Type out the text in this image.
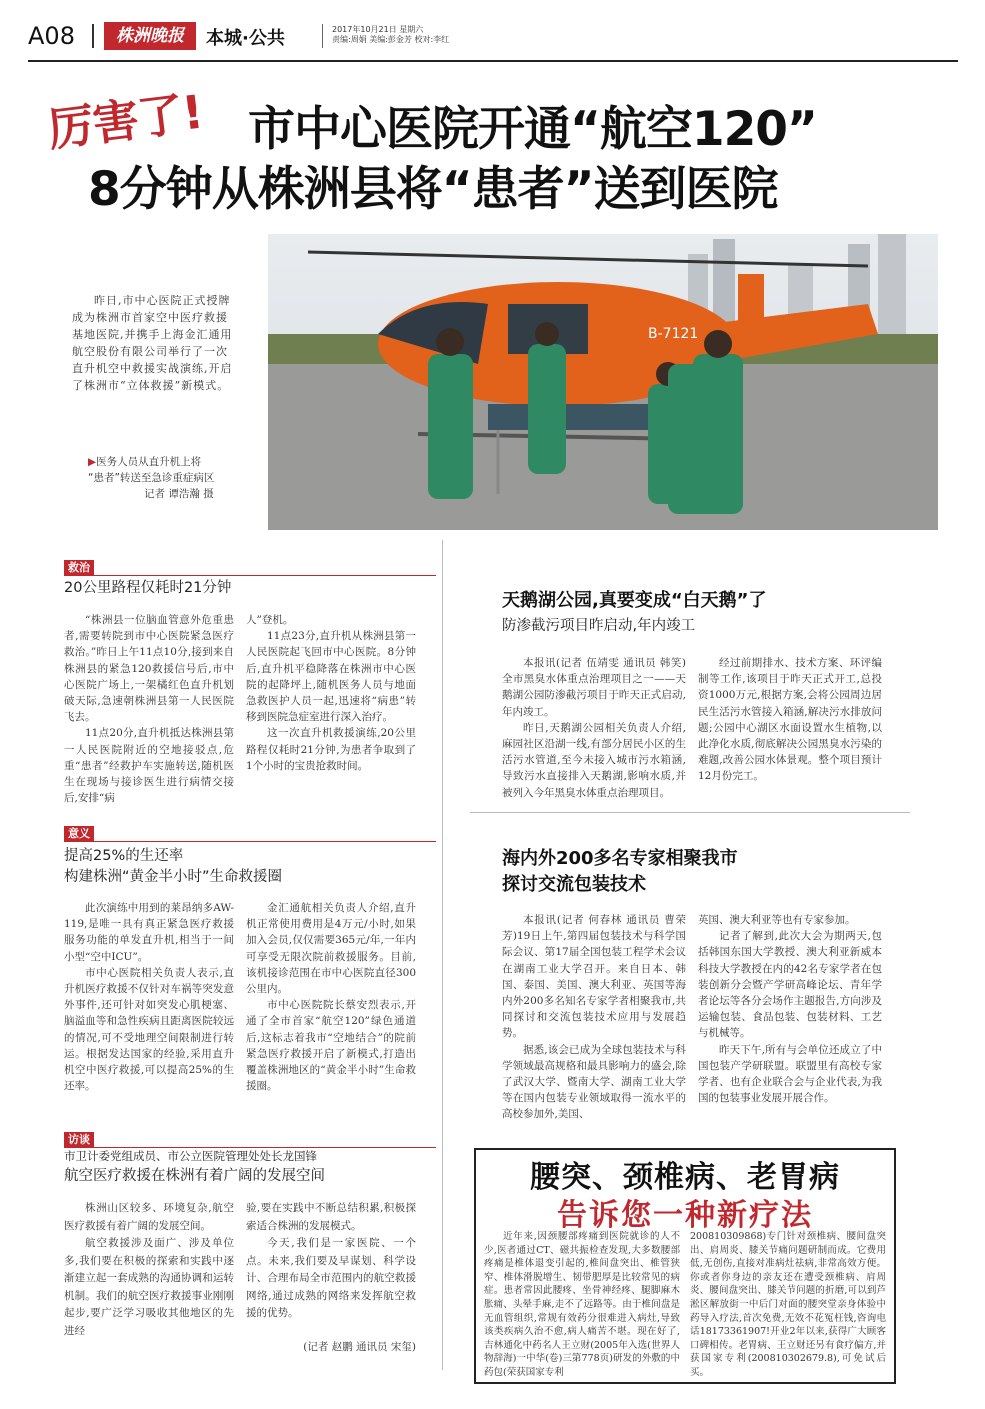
A08	株洲晚报	本城·公共	2017年10月21日 星期六
责编:周娟 美编:彭金芳 校对:李红
厉害了! 市中心医院开通“航空120”
8分钟从株洲县将“患者”送到医院

昨日,市中心医院正式授牌成为株洲市首家空中医疗救援基地医院,并携手上海金汇通用航空股份有限公司举行了一次直升机空中救援实战演练,开启了株洲市“立体救援”新模式。

B-7121
▶医务人员从直升机上将
“患者”转送至急诊重症病区
记者 谭浩瀚 摄
救治
20公里路程仅耗时21分钟

“株洲县一位脑血管意外危重患者,需要转院到市中心医院紧急医疗救治。”昨日上午11点10分,接到来自株洲县的紧急120救援信号后,市中心医院广场上,一架橘红色直升机划破天际,急速朝株洲县第一人民医院飞去。

11点20分,直升机抵达株洲县第一人民医院附近的空地接驳点,危重“患者”经救护车实施转送,随机医生在现场与接诊医生进行病情交接后,安排“病

人”登机。

11点23分,直升机从株洲县第一人民医院起飞回市中心医院。8分钟后,直升机平稳降落在株洲市中心医院的起降坪上,随机医务人员与地面急救医护人员一起,迅速将“病患”转移到医院急症室进行深入治疗。

这一次直升机救援演练,20公里路程仅耗时21分钟,为患者争取到了1个小时的宝贵抢救时间。

意义
提高25%的生还率
构建株洲“黄金半小时”生命救援圈

此次演练中用到的莱昂纳多AW-119,是唯一具有真正紧急医疗救援服务功能的单发直升机,相当于一间小型“空中ICU”。

市中心医院相关负责人表示,直升机医疗救援不仅针对车祸等突发意外事件,还可针对如突发心肌梗塞、脑溢血等和急性疾病且距离医院较远的情况,可不受地理空间限制进行转运。根据发达国家的经验,采用直升机空中医疗救援,可以提高25%的生还率。

金汇通航相关负责人介绍,直升机正常使用费用是4万元/小时,如果加入会员,仅仅需要365元/年,一年内可享受无限次院前救援服务。目前,该机接诊范围在市中心医院直径300公里内。

市中心医院院长蔡安烈表示,开通了全市首家“航空120”绿色通道后,这标志着我市“空地结合”的院前紧急医疗救援开启了新模式,打造出覆盖株洲地区的“黄金半小时”生命救援圈。

访谈
市卫计委党组成员、市公立医院管理处处长龙国锋
航空医疗救援在株洲有着广阔的发展空间

株洲山区较多、环境复杂,航空医疗救援有着广阔的发展空间。

航空救援涉及面广、涉及单位多,我们要在积极的探索和实践中逐渐建立起一套成熟的沟通协调和运转机制。我们的航空医疗救援事业刚刚起步,要广泛学习吸收其他地区的先进经

验,要在实践中不断总结积累,积极探索适合株洲的发展模式。

今天,我们是一家医院、一个点。未来,我们要及早谋划、科学设计、合理布局全市范围内的航空救援网络,通过成熟的网络来发挥航空救援的优势。

(记者 赵鹏 通讯员 宋玺)

天鹅湖公园,真要变成“白天鹅”了
防渗截污项目昨启动,年内竣工

本报讯(记者 伍靖雯 通讯员 韩笑)全市黑臭水体重点治理项目之一——天鹅湖公园防渗截污项目于昨天正式启动,年内竣工。

昨日,天鹅湖公园相关负责人介绍,麻园社区沿湖一线,有部分居民小区的生活污水管道,至今未接入城市污水箱涵,导致污水直接排入天鹅湖,影响水质,并被列入今年黑臭水体重点治理项目。

经过前期排水、技术方案、环评编制等工作,该项目于昨天正式开工,总投资1000万元,根据方案,会将公园周边居民生活污水管接入箱涵,解决污水排放问题;公园中心湖区水面设置水生植物,以此净化水质,彻底解决公园黑臭水污染的难题,改善公园水体景观。整个项目预计12月份完工。

海内外200多名专家相聚我市
探讨交流包装技术

本报讯(记者 何春林 通讯员 曹荣芳)19日上午,第四届包装技术与科学国际会议、第17届全国包装工程学术会议在湖南工业大学召开。来自日本、韩国、泰国、美国、澳大利亚、英国等海内外200多名知名专家学者相聚我市,共同探讨和交流包装技术应用与发展趋势。

据悉,该会已成为全球包装技术与科学领域最高规格和最具影响力的盛会,除了武汉大学、暨南大学、湖南工业大学等在国内包装专业领域取得一流水平的高校参加外,美国、

英国、澳大利亚等也有专家参加。

记者了解到,此次大会为期两天,包括韩国东国大学教授、澳大利亚新威本科技大学教授在内的42名专家学者在包装创新分会暨产学研高峰论坛、青年学者论坛等各分会场作主题报告,方向涉及运输包装、食品包装、包装材料、工艺与机械等。

昨天下午,所有与会单位还成立了中国包装产学研联盟。联盟里有高校专家学者、也有企业联合会与企业代表,为我国的包装事业发展开展合作。

腰突、颈椎病、老胃病
告诉您一种新疗法

近年来,因颈腰部疼痛到医院就诊的人不少,医者通过CT、磁共振检查发现,大多数腰部疼痛是椎体退变引起的,椎间盘突出、椎管狭窄、椎体滑脱增生、韧带肥厚是比较常见的病症。患者常因此腰疼、坐骨神经疼、腿脚麻木胀痛、头晕手麻,走不了远路等。由于椎间盘是无血管组织,常规有效药分很难进入病灶,导致该类疾病久治不愈,病人痛苦不堪。现在好了,吉林通化中药名人王立财(2005年入选(世界人物辞海)一中华(卷)三第778页)研发的外敷的中药包(荣获国家专利

200810309868)专门针对颈椎病、腰间盘突出、肩周炎、膝关节痛问题研制而成。它费用低,无创伤,直接对准病灶祛病,非常高效方便。你或者你身边的亲友还在遭受颈椎病、肩周炎、腰间盘突出、膝关节问题的折磨,可以到芦淞区解放街一中后门对面的腰突堂亲身体验中药导入疗法,首次免费,无效不花冤枉钱,咨询电话18173361907!开业2年以来,获得广大顾客口碑相传。老胃病、王立财还另有食疗偏方,并获国家专利(200810302679.8),可免试后买。
